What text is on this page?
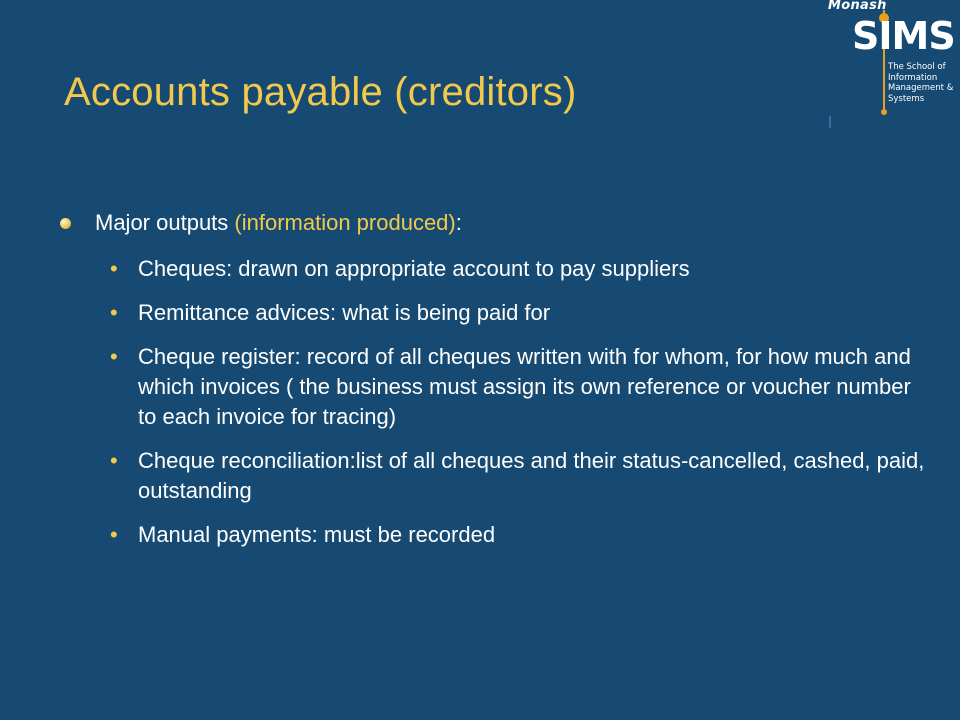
Accounts payable (creditors)
Monash
SIMS
The School of
Information
Management &
Systems
Major outputs (information produced):
• Cheques: drawn on appropriate account to pay suppliers
• Remittance advices: what is being paid for
• Cheque register: record of all cheques written with for whom, for how much and which invoices ( the business must assign its own reference or voucher number to each invoice for tracing)
• Cheque reconciliation:list of all cheques and their status-cancelled, cashed, paid, outstanding
• Manual payments: must be recorded
